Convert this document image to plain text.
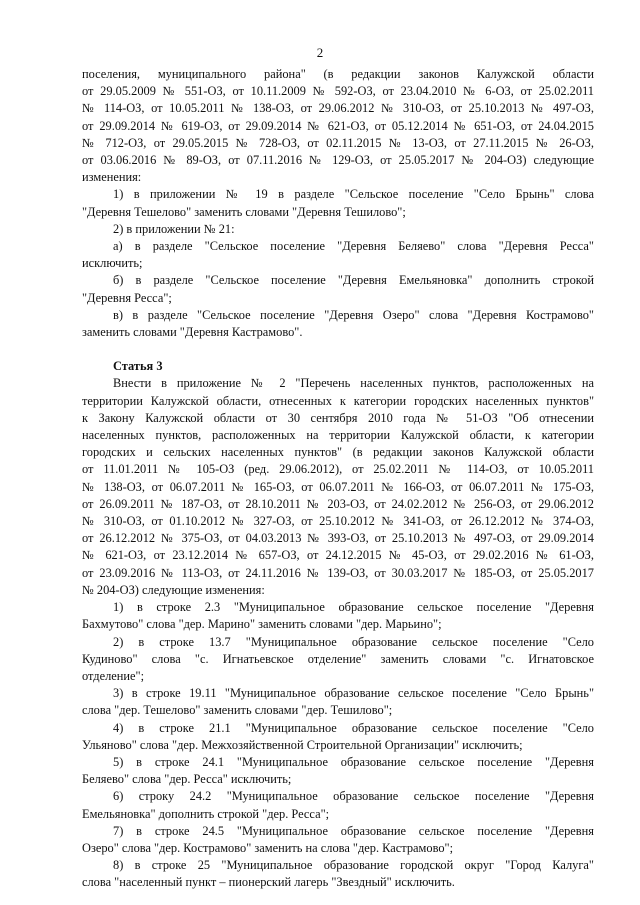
2

поселения, муниципального района" (в редакции законов Калужской области

от 29.05.2009 № 551-ОЗ, от 10.11.2009 № 592-ОЗ, от 23.04.2010 № 6-ОЗ, от 25.02.2011

№ 114-ОЗ, от 10.05.2011 № 138-ОЗ, от 29.06.2012 № 310-ОЗ, от 25.10.2013 № 497-ОЗ,

от 29.09.2014 № 619-ОЗ, от 29.09.2014 № 621-ОЗ, от 05.12.2014 № 651-ОЗ, от 24.04.2015

№ 712-ОЗ, от 29.05.2015 № 728-ОЗ, от 02.11.2015 № 13-ОЗ, от 27.11.2015 № 26-ОЗ,

от 03.06.2016 № 89-ОЗ, от 07.11.2016 № 129-ОЗ, от 25.05.2017 № 204-ОЗ) следующие

изменения:

1) в приложении № 19 в разделе "Сельское поселение "Село Брынь" слова

"Деревня Тешелово" заменить словами "Деревня Тешилово";

2) в приложении № 21:

а) в разделе "Сельское поселение "Деревня Беляево" слова "Деревня Ресса"

исключить;

б) в разделе "Сельское поселение "Деревня Емельяновка" дополнить строкой

"Деревня Ресса";

в) в разделе "Сельское поселение "Деревня Озеро" слова "Деревня Кострамово"

заменить словами "Деревня Кастрамово".

Статья 3

Внести в приложение № 2 "Перечень населенных пунктов, расположенных на

территории Калужской области, отнесенных к категории городских населенных пунктов"

к Закону Калужской области от 30 сентября 2010 года № 51-ОЗ "Об отнесении

населенных пунктов, расположенных на территории Калужской области, к категории

городских и сельских населенных пунктов" (в редакции законов Калужской области

от 11.01.2011 № 105-ОЗ (ред. 29.06.2012), от 25.02.2011 № 114-ОЗ, от 10.05.2011

№ 138-ОЗ, от 06.07.2011 № 165-ОЗ, от 06.07.2011 № 166-ОЗ, от 06.07.2011 № 175-ОЗ,

от 26.09.2011 № 187-ОЗ, от 28.10.2011 № 203-ОЗ, от 24.02.2012 № 256-ОЗ, от 29.06.2012

№ 310-ОЗ, от 01.10.2012 № 327-ОЗ, от 25.10.2012 № 341-ОЗ, от 26.12.2012 № 374-ОЗ,

от 26.12.2012 № 375-ОЗ, от 04.03.2013 № 393-ОЗ, от 25.10.2013 № 497-ОЗ, от 29.09.2014

№ 621-ОЗ, от 23.12.2014 № 657-ОЗ, от 24.12.2015 № 45-ОЗ, от 29.02.2016 № 61-ОЗ,

от 23.09.2016 № 113-ОЗ, от 24.11.2016 № 139-ОЗ, от 30.03.2017 № 185-ОЗ, от 25.05.2017

№ 204-ОЗ) следующие изменения:

1) в строке 2.3 "Муниципальное образование сельское поселение "Деревня

Бахмутово" слова "дер. Марино" заменить словами "дер. Марьино";

2) в строке 13.7 "Муниципальное образование сельское поселение "Село

Кудиново" слова "с. Игнатьевское отделение" заменить словами "с. Игнатовское

отделение";

3) в строке 19.11 "Муниципальное образование сельское поселение "Село Брынь"

слова "дер. Тешелово" заменить словами "дер. Тешилово";

4) в строке 21.1 "Муниципальное образование сельское поселение "Село

Ульяново" слова "дер. Межхозяйственной Строительной Организации" исключить;

5) в строке 24.1 "Муниципальное образование сельское поселение "Деревня

Беляево" слова "дер. Ресса" исключить;

6) строку 24.2 "Муниципальное образование сельское поселение "Деревня

Емельяновка" дополнить строкой "дер. Ресса";

7) в строке 24.5 "Муниципальное образование сельское поселение "Деревня

Озеро" слова "дер. Кострамово" заменить на слова "дер. Кастрамово";

8) в строке 25 "Муниципальное образование городской округ "Город Калуга"

слова "населенный пункт – пионерский лагерь "Звездный" исключить.
